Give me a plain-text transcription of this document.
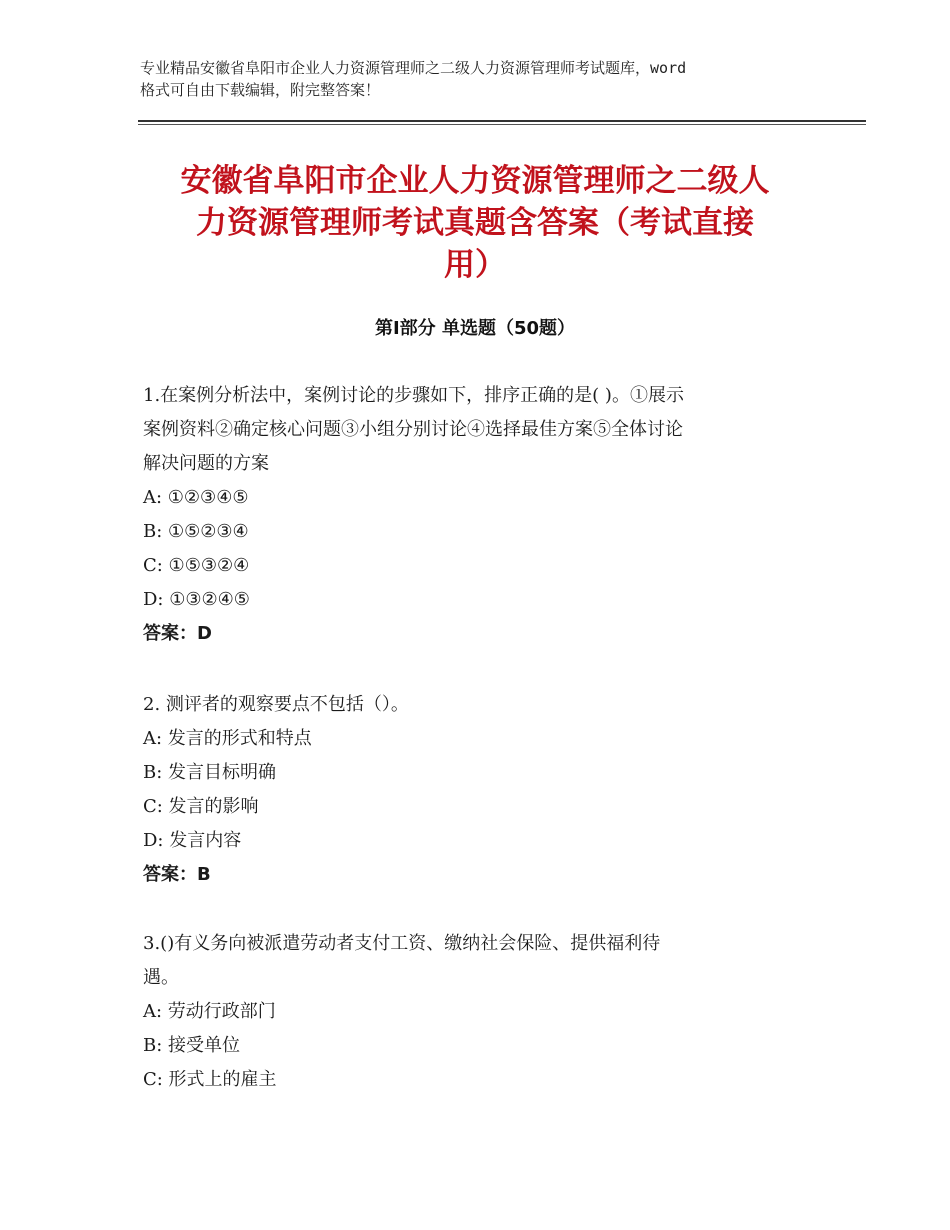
专业精品安徽省阜阳市企业人力资源管理师之二级人力资源管理师考试题库，word
格式可自由下载编辑，附完整答案！
安徽省阜阳市企业人力资源管理师之二级人
力资源管理师考试真题含答案（考试直接
用）
第Ⅰ部分 单选题（50题）
1.在案例分析法中，案例讨论的步骤如下，排序正确的是( )。①展示
案例资料②确定核心问题③小组分别讨论④选择最佳方案⑤全体讨论
解决问题的方案
A: ①②③④⑤
B: ①⑤②③④
C: ①⑤③②④
D: ①③②④⑤
答案：D
2. 测评者的观察要点不包括（）。
A: 发言的形式和特点
B: 发言目标明确
C: 发言的影响
D: 发言内容
答案：B
3.()有义务向被派遣劳动者支付工资、缴纳社会保险、提供福利待
遇。
A: 劳动行政部门
B: 接受单位
C: 形式上的雇主
